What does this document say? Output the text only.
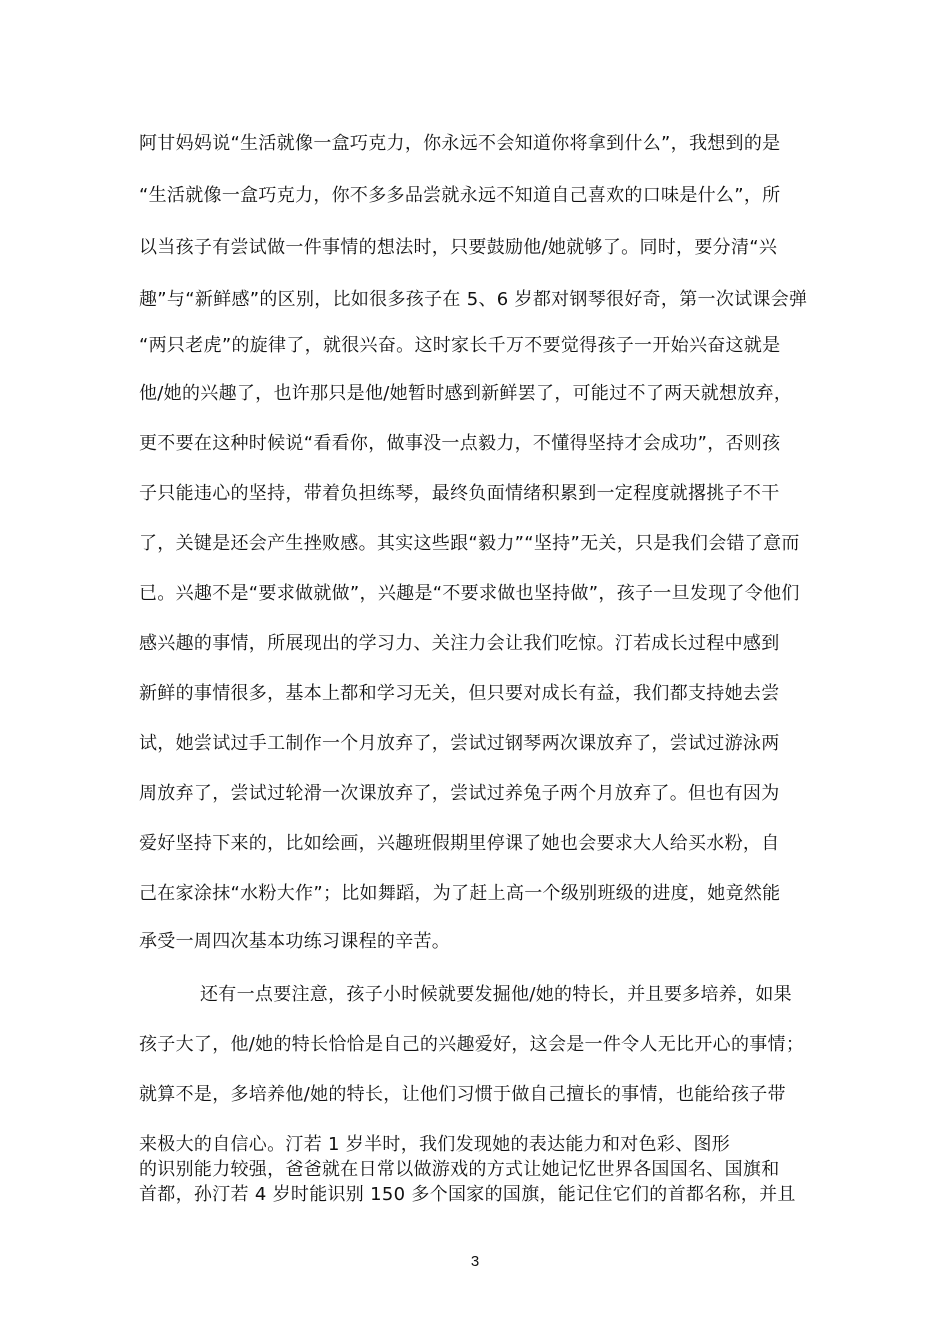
阿甘妈妈说“生活就像一盒巧克力，你永远不会知道你将拿到什么”，我想到的是
“生活就像一盒巧克力，你不多多品尝就永远不知道自己喜欢的口味是什么”，所
以当孩子有尝试做一件事情的想法时，只要鼓励他/她就够了。同时，要分清“兴
趣”与“新鲜感”的区别，比如很多孩子在 5、6 岁都对钢琴很好奇，第一次试课会弹
“两只老虎”的旋律了，就很兴奋。这时家长千万不要觉得孩子一开始兴奋这就是
他/她的兴趣了，也许那只是他/她暂时感到新鲜罢了，可能过不了两天就想放弃，
更不要在这种时候说“看看你，做事没一点毅力，不懂得坚持才会成功”，否则孩
子只能违心的坚持，带着负担练琴，最终负面情绪积累到一定程度就撂挑子不干
了，关键是还会产生挫败感。其实这些跟“毅力”“坚持”无关，只是我们会错了意而
已。兴趣不是“要求做就做”，兴趣是“不要求做也坚持做”，孩子一旦发现了令他们
感兴趣的事情，所展现出的学习力、关注力会让我们吃惊。汀若成长过程中感到
新鲜的事情很多，基本上都和学习无关，但只要对成长有益，我们都支持她去尝
试，她尝试过手工制作一个月放弃了，尝试过钢琴两次课放弃了，尝试过游泳两
周放弃了，尝试过轮滑一次课放弃了，尝试过养兔子两个月放弃了。但也有因为
爱好坚持下来的，比如绘画，兴趣班假期里停课了她也会要求大人给买水粉，自
己在家涂抹“水粉大作”；比如舞蹈，为了赶上高一个级别班级的进度，她竟然能
承受一周四次基本功练习课程的辛苦。
还有一点要注意，孩子小时候就要发掘他/她的特长，并且要多培养，如果
孩子大了，他/她的特长恰恰是自己的兴趣爱好，这会是一件令人无比开心的事情；
就算不是，多培养他/她的特长，让他们习惯于做自己擅长的事情，也能给孩子带
来极大的自信心。汀若 1 岁半时，我们发现她的表达能力和对色彩、图形
的识别能力较强，爸爸就在日常以做游戏的方式让她记忆世界各国国名、国旗和
首都，孙汀若 4 岁时能识别 150 多个国家的国旗，能记住它们的首都名称，并且
3
